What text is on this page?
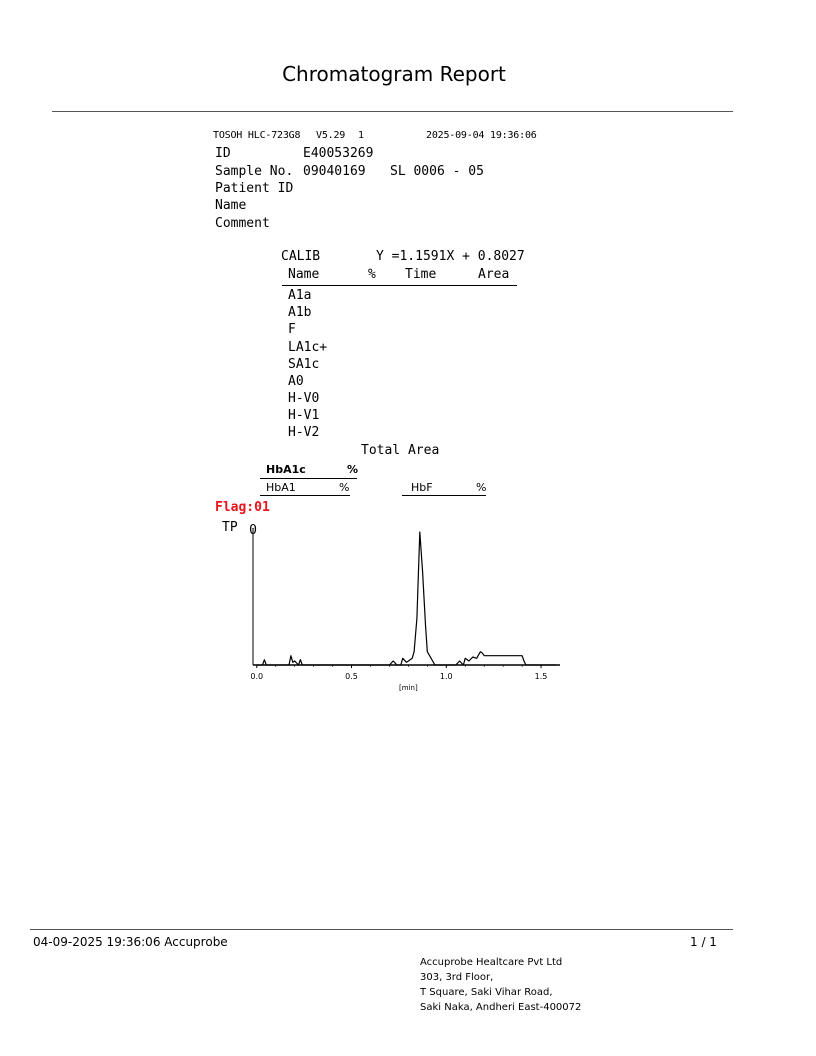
Chromatogram Report
TOSOH HLC-723G8 V5.29 1	2025-09-04 19:36:06
ID	E40053269
Sample No. 09040169 SL 0006 - 05
Patient ID
Name
Comment
CALIB	Y =1.1591X + 0.8027
Name	% Time	Area
A1a
A1b
F
LA1c+
SA1c
A0
H-V0
H-V1
H-V2
Total Area
HbA1c	%
HbA1	%	HbF	%
Flag:01
TP 0
0.0	0.5	1.0	1.5
[min]
04-09-2025 19:36:06 Accuprobe	1 / 1
Accuprobe Healtcare Pvt Ltd
303, 3rd Floor,
T Square, Saki Vihar Road,
Saki Naka, Andheri East-400072
